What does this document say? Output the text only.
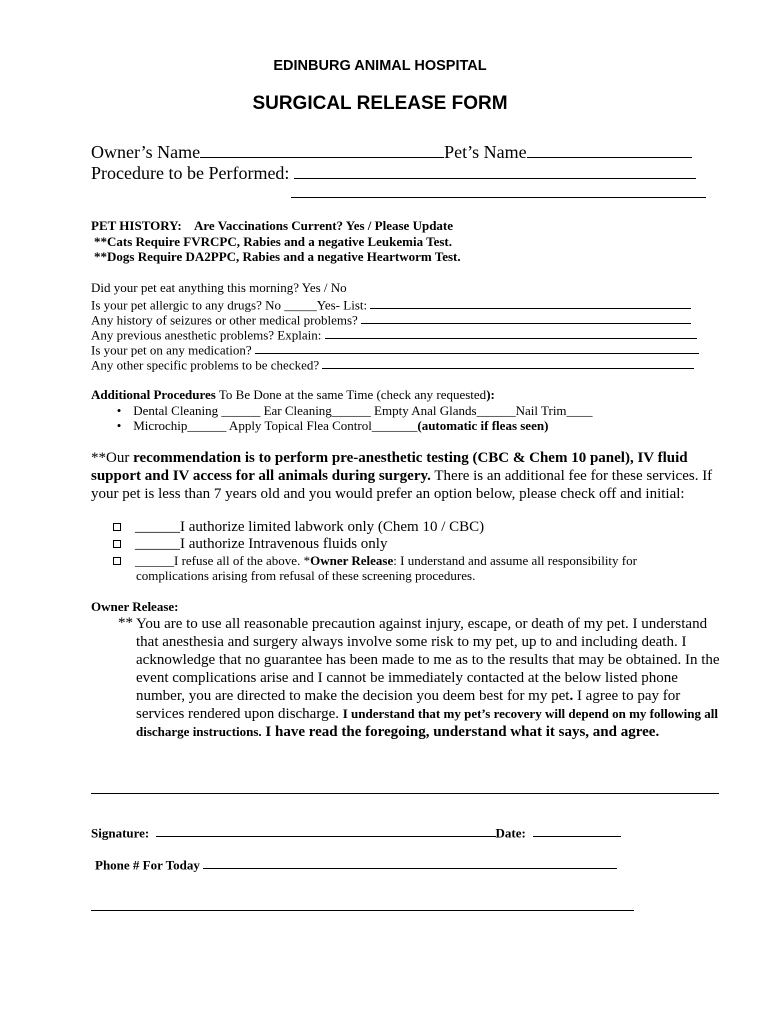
EDINBURG ANIMAL HOSPITAL
SURGICAL RELEASE FORM
Owner’s Name	Pet’s Name
Procedure to be Performed:
PET HISTORY: Are Vaccinations Current? Yes / Please Update
**Cats Require FVRCPC, Rabies and a negative Leukemia Test.
**Dogs Require DA2PPC, Rabies and a negative Heartworm Test.
Did your pet eat anything this morning? Yes / No
Is your pet allergic to any drugs? No _____Yes- List:
Any history of seizures or other medical problems?
Any previous anesthetic problems? Explain:
Is your pet on any medication?
Any other specific problems to be checked?
Additional Procedures To Be Done at the same Time (check any requested):
• Dental Cleaning ______ Ear Cleaning______ Empty Anal Glands______Nail Trim____
• Microchip______ Apply Topical Flea Control_______(automatic if fleas seen)
**Our recommendation is to perform pre-anesthetic testing (CBC & Chem 10 panel), IV fluid support and IV access for all animals during surgery. There is an additional fee for these services. If your pet is less than 7 years old and you would prefer an option below, please check off and initial:
______I authorize limited labwork only (Chem 10 / CBC)
______I authorize Intravenous fluids only
______I refuse all of the above. *Owner Release: I understand and assume all responsibility for
complications arising from refusal of these screening procedures.
Owner Release:
** You are to use all reasonable precaution against injury, escape, or death of my pet. I understand that anesthesia and surgery always involve some risk to my pet, up to and including death. I acknowledge that no guarantee has been made to me as to the results that may be obtained. In the event complications arise and I cannot be immediately contacted at the below listed phone number, you are directed to make the decision you deem best for my pet. I agree to pay for services rendered upon discharge. I understand that my pet’s recovery will depend on my following all discharge instructions. I have read the foregoing, understand what it says, and agree.
Signature:	Date:
Phone # For Today
